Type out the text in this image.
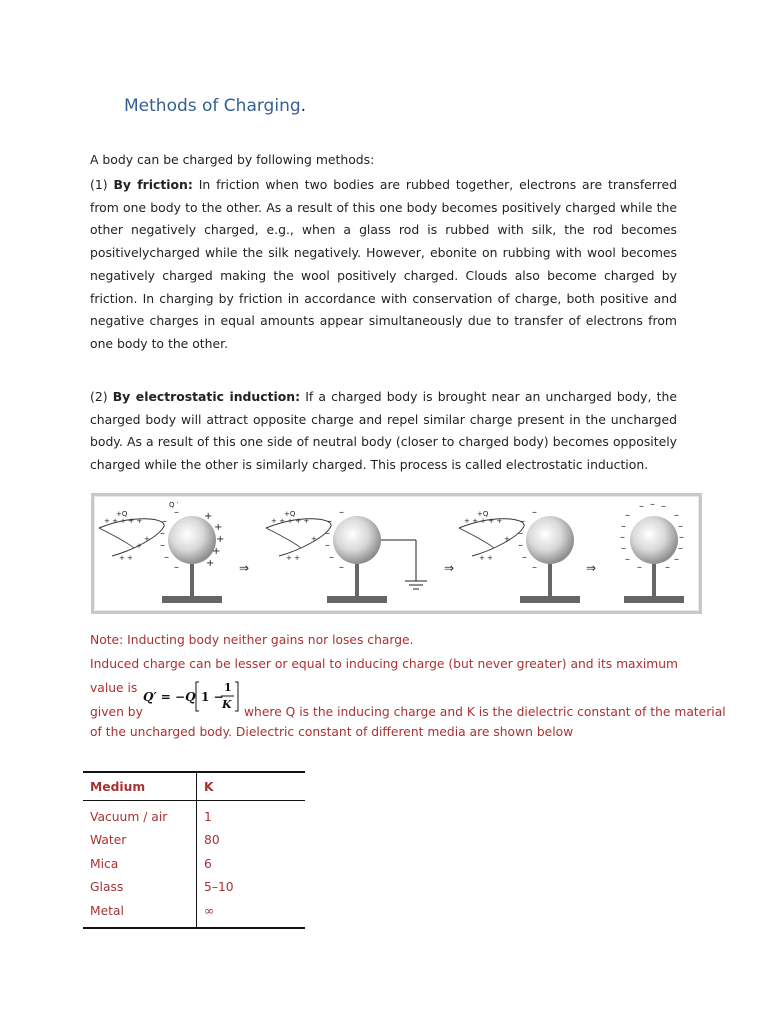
Methods of Charging.
A body can be charged by following methods:
(1) By friction: In friction when two bodies are rubbed together, electrons are transferred from one body to the other. As a result of this one body becomes positively charged while the other negatively charged, e.g., when a glass rod is rubbed with silk, the rod becomes positivelycharged while the silk negatively. However, ebonite on rubbing with wool becomes negatively charged making the wool positively charged. Clouds also become charged by friction. In charging by friction in accordance with conservation of charge, both positive and negative charges in equal amounts appear simultaneously due to transfer of electrons from one body to the other.
(2) By electrostatic induction: If a charged body is brought near an uncharged body, the charged body will attract opposite charge and repel similar charge present in the uncharged body. As a result of this one side of neutral body (closer to charged body) becomes oppositely charged while the other is similarly charged. This process is called electrostatic induction.
+Q
+ + + + +
+
+
+ +
Q ′
–
–
–
–
–	+
+
+
+
+
–	⇒
+Q
+ + + + +
+
+ +
–
–
–
–
–
–	⇒
+Q
+ + + + +
+
+ +
–
–
–
–
–
–	⇒
–
–
–
–
–
– – –
–
–
–
–
–
– –
Note: Inducting body neither gains nor loses charge.
Induced charge can be lesser or equal to inducing charge (but never greater) and its maximum value is
Q′ = −Q 1 −
1
K
given by	where Q is the inducing charge and K is the dielectric constant of the material
of the uncharged body. Dielectric constant of different media are shown below
Medium	K
Vacuum / air	1
Water	80
Mica	6
Glass	5–10
Metal	∞
